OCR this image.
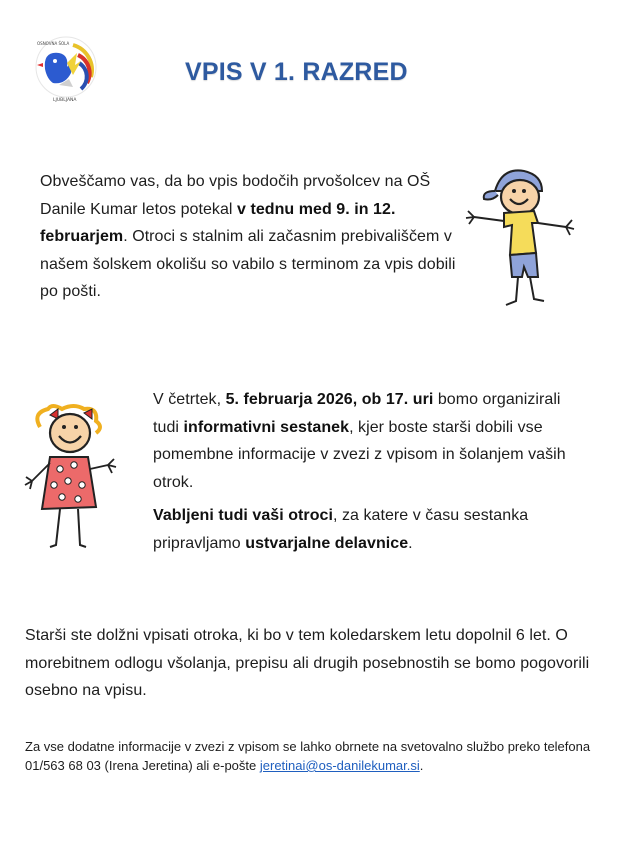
OSNOVNA ŠOLA
LJUBLJANA
VPIS V 1. RAZRED
Obveščamo vas, da bo vpis bodočih prvošolcev na OŠ Danile Kumar letos potekal v tednu med 9. in 12. februarjem. Otroci s stalnim ali začasnim prebivališčem v našem šolskem okolišu so vabilo s terminom za vpis dobili po pošti.
V četrtek, 5. februarja 2026, ob 17. uri bomo organizirali tudi informativni sestanek, kjer boste starši dobili vse pomembne informacije v zvezi z vpisom in šolanjem vaših otrok.
Vabljeni tudi vaši otroci, za katere v času sestanka pripravljamo ustvarjalne delavnice.
Starši ste dolžni vpisati otroka, ki bo v tem koledarskem letu dopolnil 6 let. O morebitnem odlogu všolanja, prepisu ali drugih posebnostih se bomo pogovorili osebno na vpisu.
Za vse dodatne informacije v zvezi z vpisom se lahko obrnete na svetovalno službo preko telefona 01/563 68 03 (Irena Jeretina) ali e-pošte jeretinai@os-danilekumar.si.
